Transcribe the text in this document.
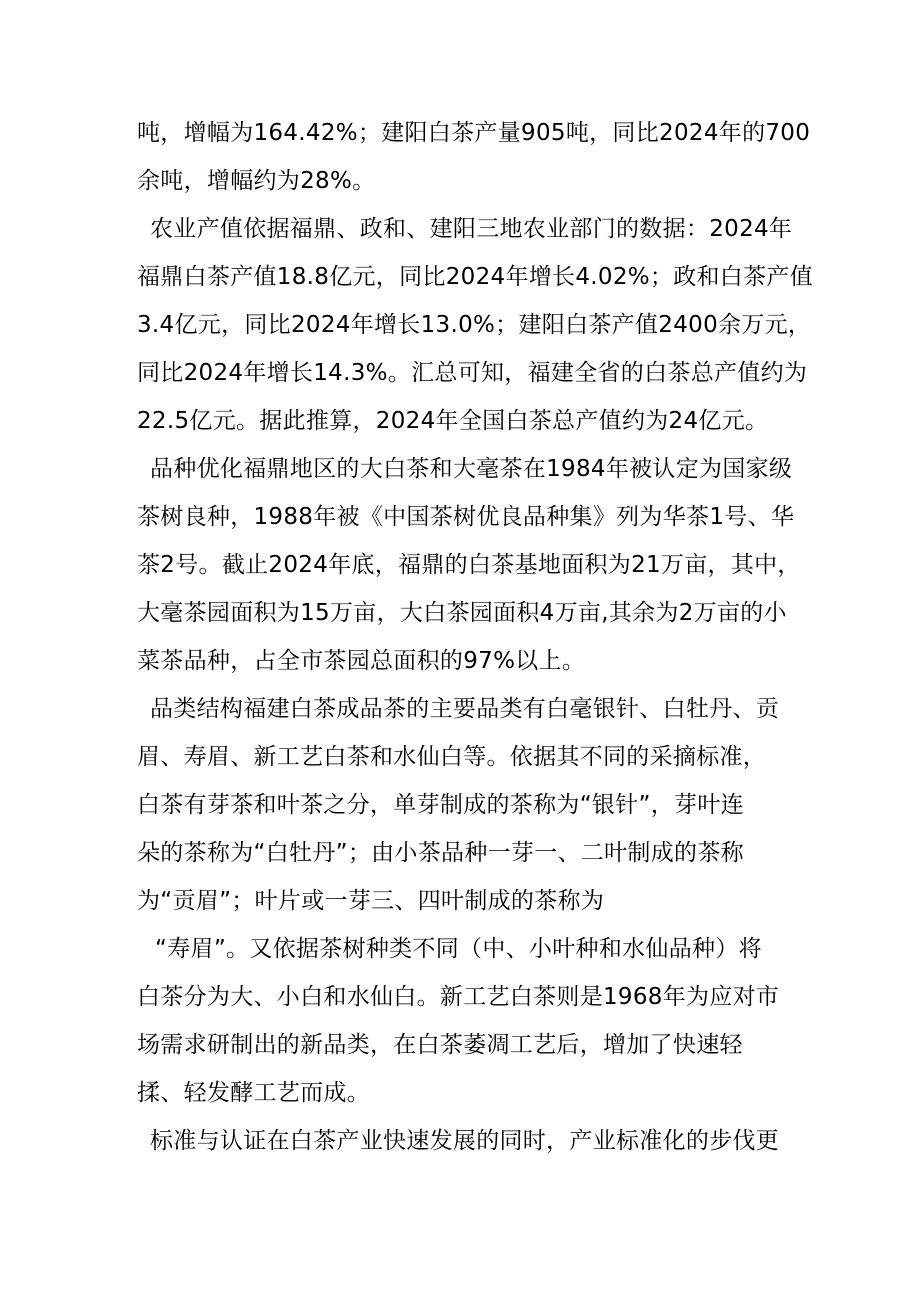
吨，增幅为164.42%；建阳白茶产量905吨，同比2024年的700
余吨，增幅约为28%。
农业产值依据福鼎、政和、建阳三地农业部门的数据：2024年
福鼎白茶产值18.8亿元，同比2024年增长4.02%；政和白茶产值
3.4亿元，同比2024年增长13.0%；建阳白茶产值2400余万元，
同比2024年增长14.3%。汇总可知，福建全省的白茶总产值约为
22.5亿元。据此推算，2024年全国白茶总产值约为24亿元。
品种优化福鼎地区的大白茶和大毫茶在1984年被认定为国家级
茶树良种，1988年被《中国茶树优良品种集》列为华茶1号、华
茶2号。截止2024年底，福鼎的白茶基地面积为21万亩，其中，
大毫茶园面积为15万亩，大白茶园面积4万亩,其余为2万亩的小
菜茶品种，占全市茶园总面积的97%以上。
品类结构福建白茶成品茶的主要品类有白毫银针、白牡丹、贡
眉、寿眉、新工艺白茶和水仙白等。依据其不同的采摘标准，
白茶有芽茶和叶茶之分，单芽制成的茶称为“银针”，芽叶连
朵的茶称为“白牡丹”；由小茶品种一芽一、二叶制成的茶称
为“贡眉”；叶片或一芽三、四叶制成的茶称为
“寿眉”。又依据茶树种类不同（中、小叶种和水仙品种）将
白茶分为大、小白和水仙白。新工艺白茶则是1968年为应对市
场需求研制出的新品类，在白茶萎凋工艺后，增加了快速轻
揉、轻发酵工艺而成。
标准与认证在白茶产业快速发展的同时，产业标准化的步伐更
